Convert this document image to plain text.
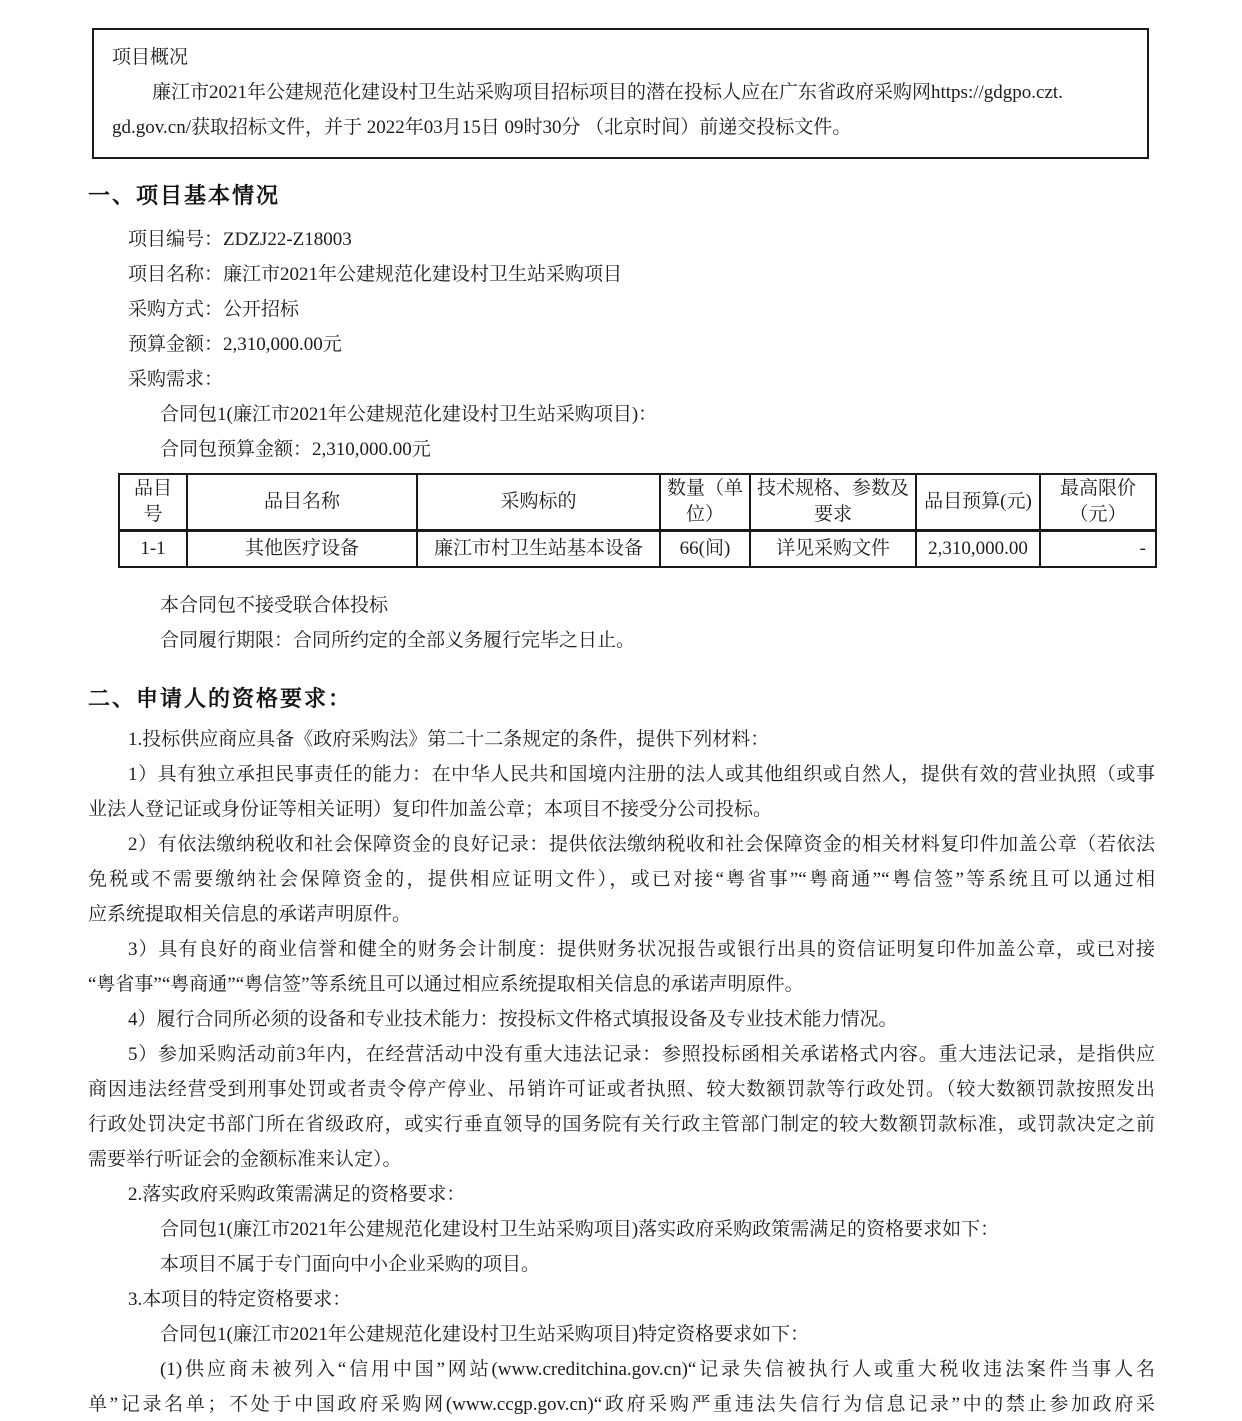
项目概况
廉江市2021年公建规范化建设村卫生站采购项目招标项目的潜在投标人应在广东省政府采购网https://gdgpo.czt.
gd.gov.cn/获取招标文件，并于 2022年03月15日 09时30分 （北京时间）前递交投标文件。
一、项目基本情况
项目编号：ZDZJ22-Z18003
项目名称：廉江市2021年公建规范化建设村卫生站采购项目
采购方式：公开招标
预算金额：2,310,000.00元
采购需求：
合同包1(廉江市2021年公建规范化建设村卫生站采购项目)：
合同包预算金额：2,310,000.00元
品目号	品目名称	采购标的	数量（单位）	技术规格、参数及要求	品目预算(元)	最高限价（元）
1-1	其他医疗设备	廉江市村卫生站基本设备	66(间)	详见采购文件	2,310,000.00	-
本合同包不接受联合体投标
合同履行期限：合同所约定的全部义务履行完毕之日止。
二、申请人的资格要求：
1.投标供应商应具备《政府采购法》第二十二条规定的条件，提供下列材料：
1）具有独立承担民事责任的能力：在中华人民共和国境内注册的法人或其他组织或自然人，提供有效的营业执照（或事
业法人登记证或身份证等相关证明）复印件加盖公章；本项目不接受分公司投标。
2）有依法缴纳税收和社会保障资金的良好记录：提供依法缴纳税收和社会保障资金的相关材料复印件加盖公章（若依法
免税或不需要缴纳社会保障资金的，提供相应证明文件），或已对接“粤省事”“粤商通”“粤信签”等系统且可以通过相
应系统提取相关信息的承诺声明原件。
3）具有良好的商业信誉和健全的财务会计制度：提供财务状况报告或银行出具的资信证明复印件加盖公章，或已对接
“粤省事”“粤商通”“粤信签”等系统且可以通过相应系统提取相关信息的承诺声明原件。
4）履行合同所必须的设备和专业技术能力：按投标文件格式填报设备及专业技术能力情况。
5）参加采购活动前3年内，在经营活动中没有重大违法记录：参照投标函相关承诺格式内容。重大违法记录，是指供应
商因违法经营受到刑事处罚或者责令停产停业、吊销许可证或者执照、较大数额罚款等行政处罚。（较大数额罚款按照发出
行政处罚决定书部门所在省级政府，或实行垂直领导的国务院有关行政主管部门制定的较大数额罚款标准，或罚款决定之前
需要举行听证会的金额标准来认定）。
2.落实政府采购政策需满足的资格要求：
合同包1(廉江市2021年公建规范化建设村卫生站采购项目)落实政府采购政策需满足的资格要求如下：
本项目不属于专门面向中小企业采购的项目。
3.本项目的特定资格要求：
合同包1(廉江市2021年公建规范化建设村卫生站采购项目)特定资格要求如下：
(1)供应商未被列入“信用中国”网站(www.creditchina.gov.cn)“记录失信被执行人或重大税收违法案件当事人名
单”记录名单；不处于中国政府采购网(www.ccgp.gov.cn)“政府采购严重违法失信行为信息记录”中的禁止参加政府采
